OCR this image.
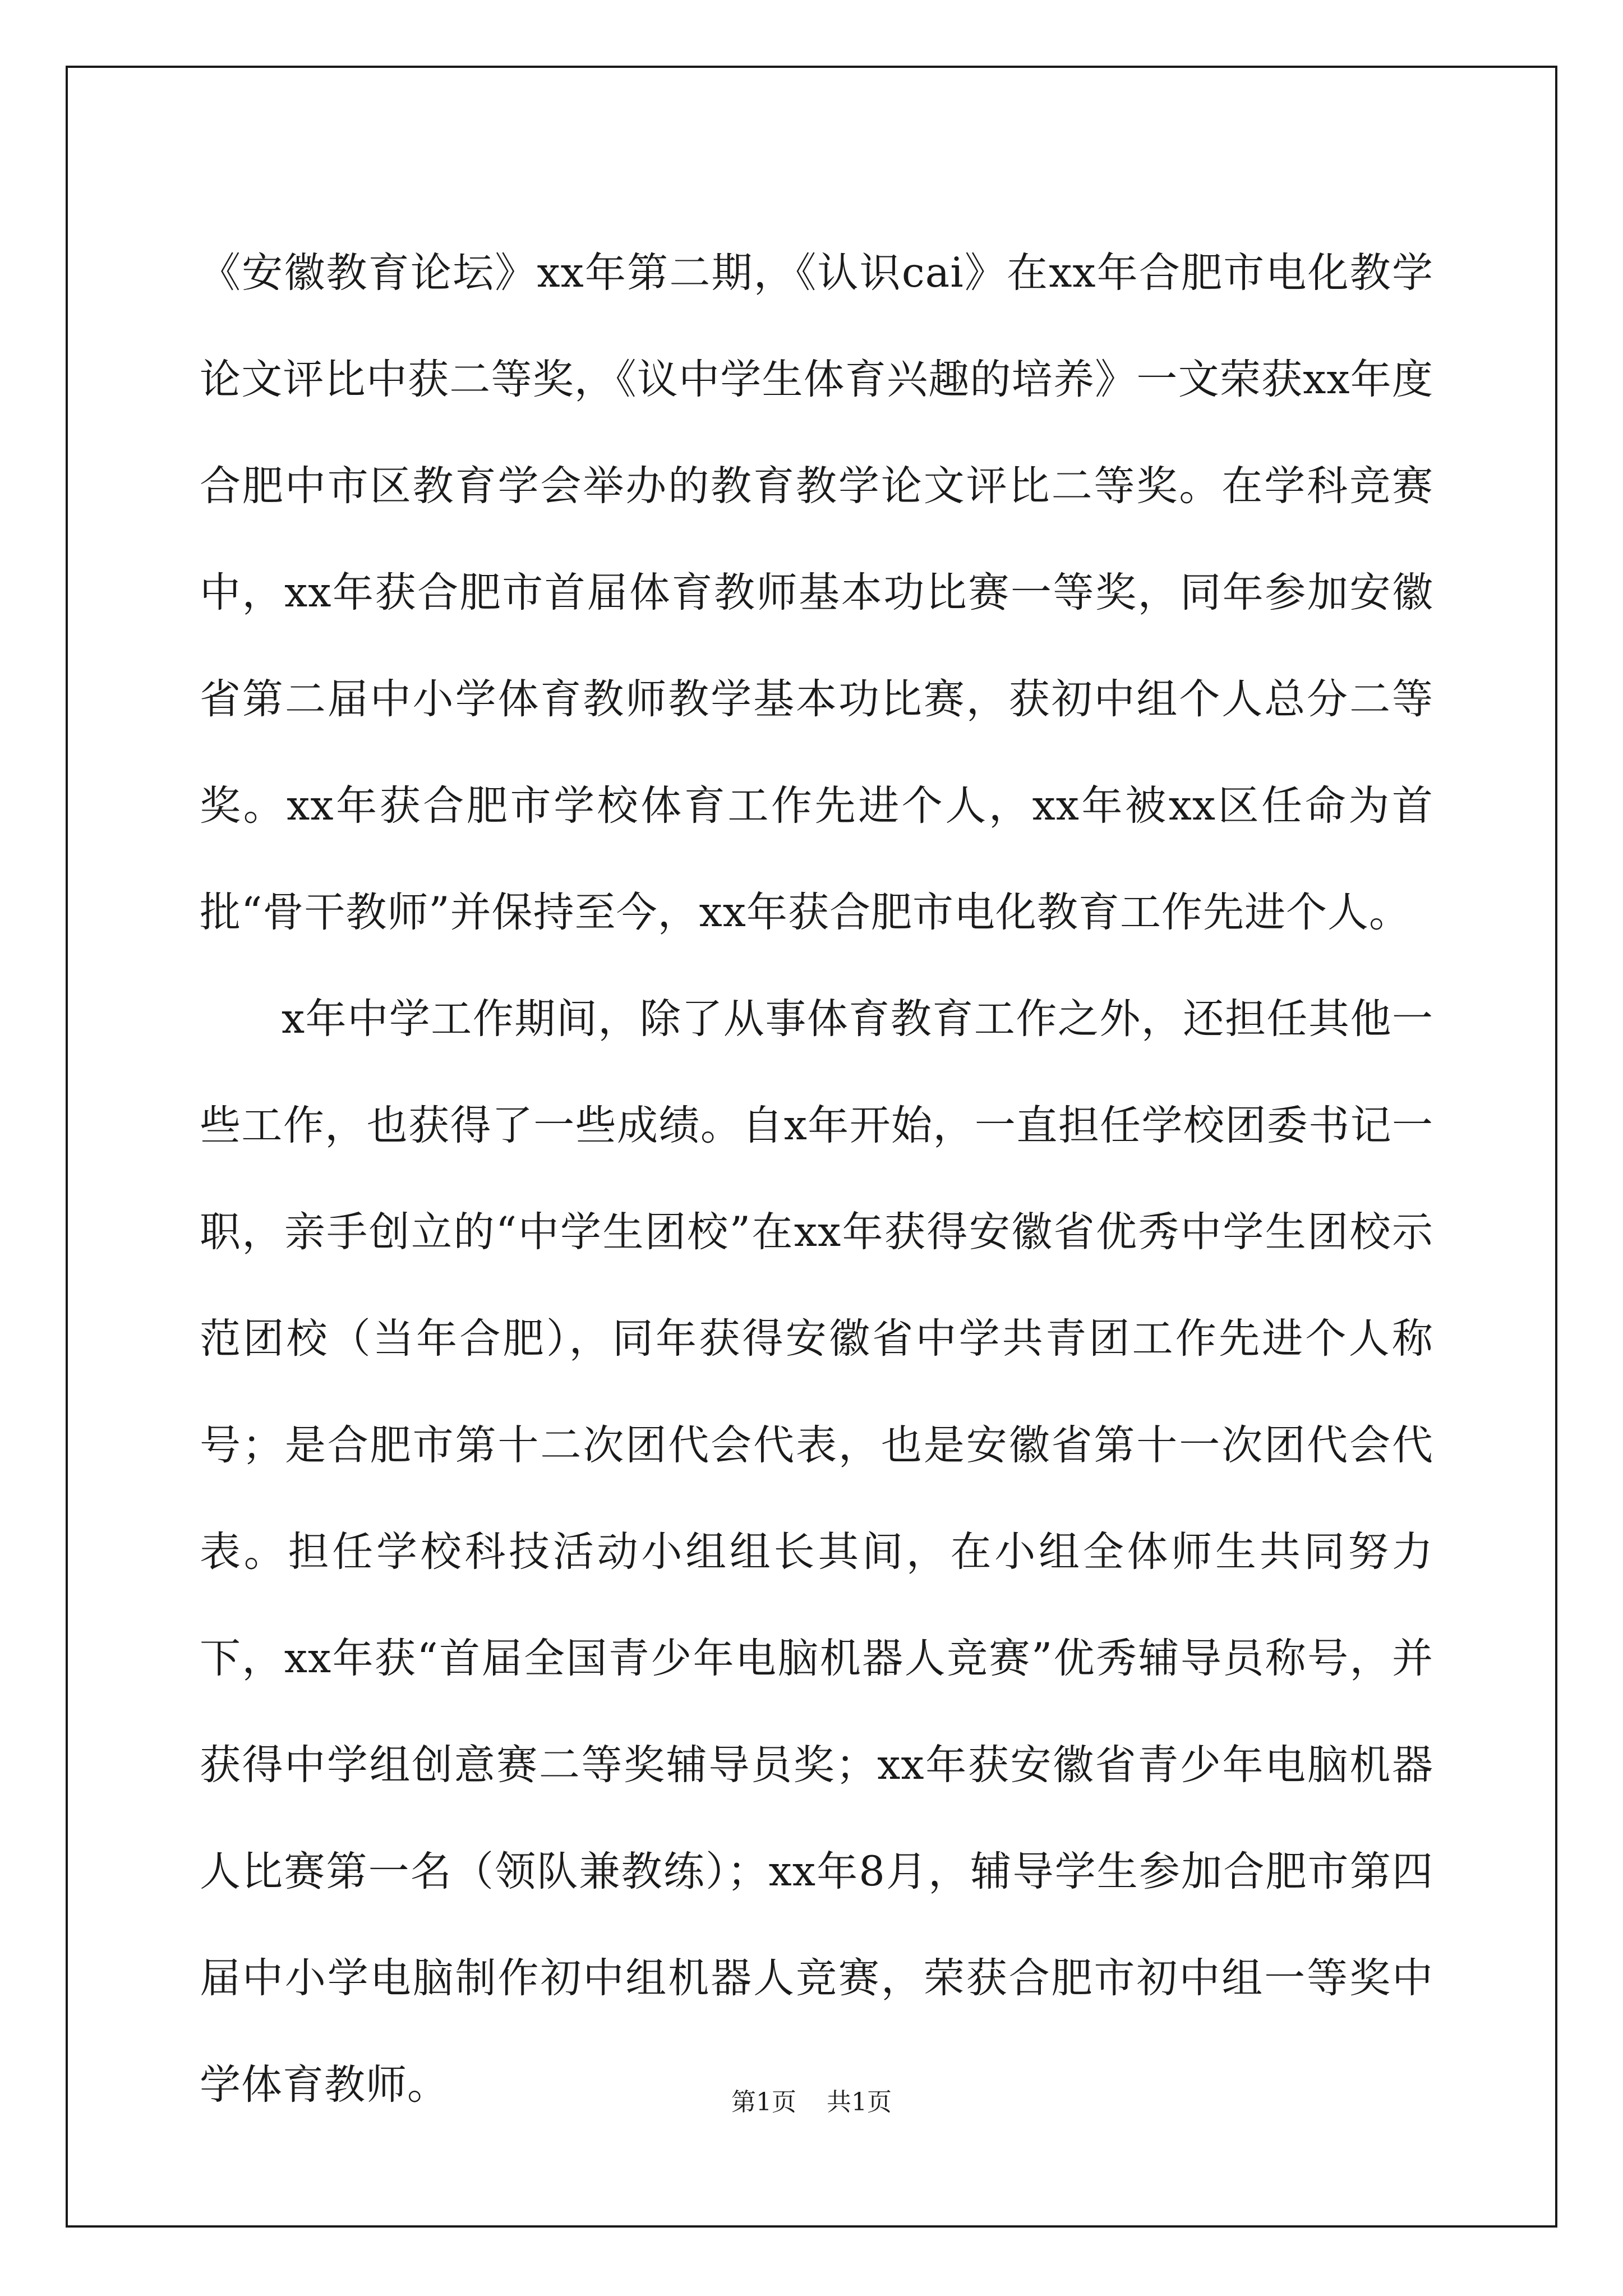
《安徽教育论坛》xx年第二期，《认识cai》在xx年合肥市电化教学论文评比中获二等奖，《议中学生体育兴趣的培养》一文荣获xx年度合肥中市区教育学会举办的教育教学论文评比二等奖。在学科竞赛中，xx年获合肥市首届体育教师基本功比赛一等奖，同年参加安徽省第二届中小学体育教师教学基本功比赛，获初中组个人总分二等奖。xx年获合肥市学校体育工作先进个人，xx年被xx区任命为首批“骨干教师”并保持至今，xx年获合肥市电化教育工作先进个人。

x年中学工作期间，除了从事体育教育工作之外，还担任其他一些工作，也获得了一些成绩。自x年开始，一直担任学校团委书记一职，亲手创立的“中学生团校”在xx年获得安徽省优秀中学生团校示范团校（当年合肥），同年获得安徽省中学共青团工作先进个人称号；是合肥市第十二次团代会代表，也是安徽省第十一次团代会代表。担任学校科技活动小组组长其间，在小组全体师生共同努力下，xx年获“首届全国青少年电脑机器人竞赛”优秀辅导员称号，并获得中学组创意赛二等奖辅导员奖；xx年获安徽省青少年电脑机器人比赛第一名（领队兼教练）；xx年8月，辅导学生参加合肥市第四届中小学电脑制作初中组机器人竞赛，荣获合肥市初中组一等奖中学体育教师。	第1页 共1页
